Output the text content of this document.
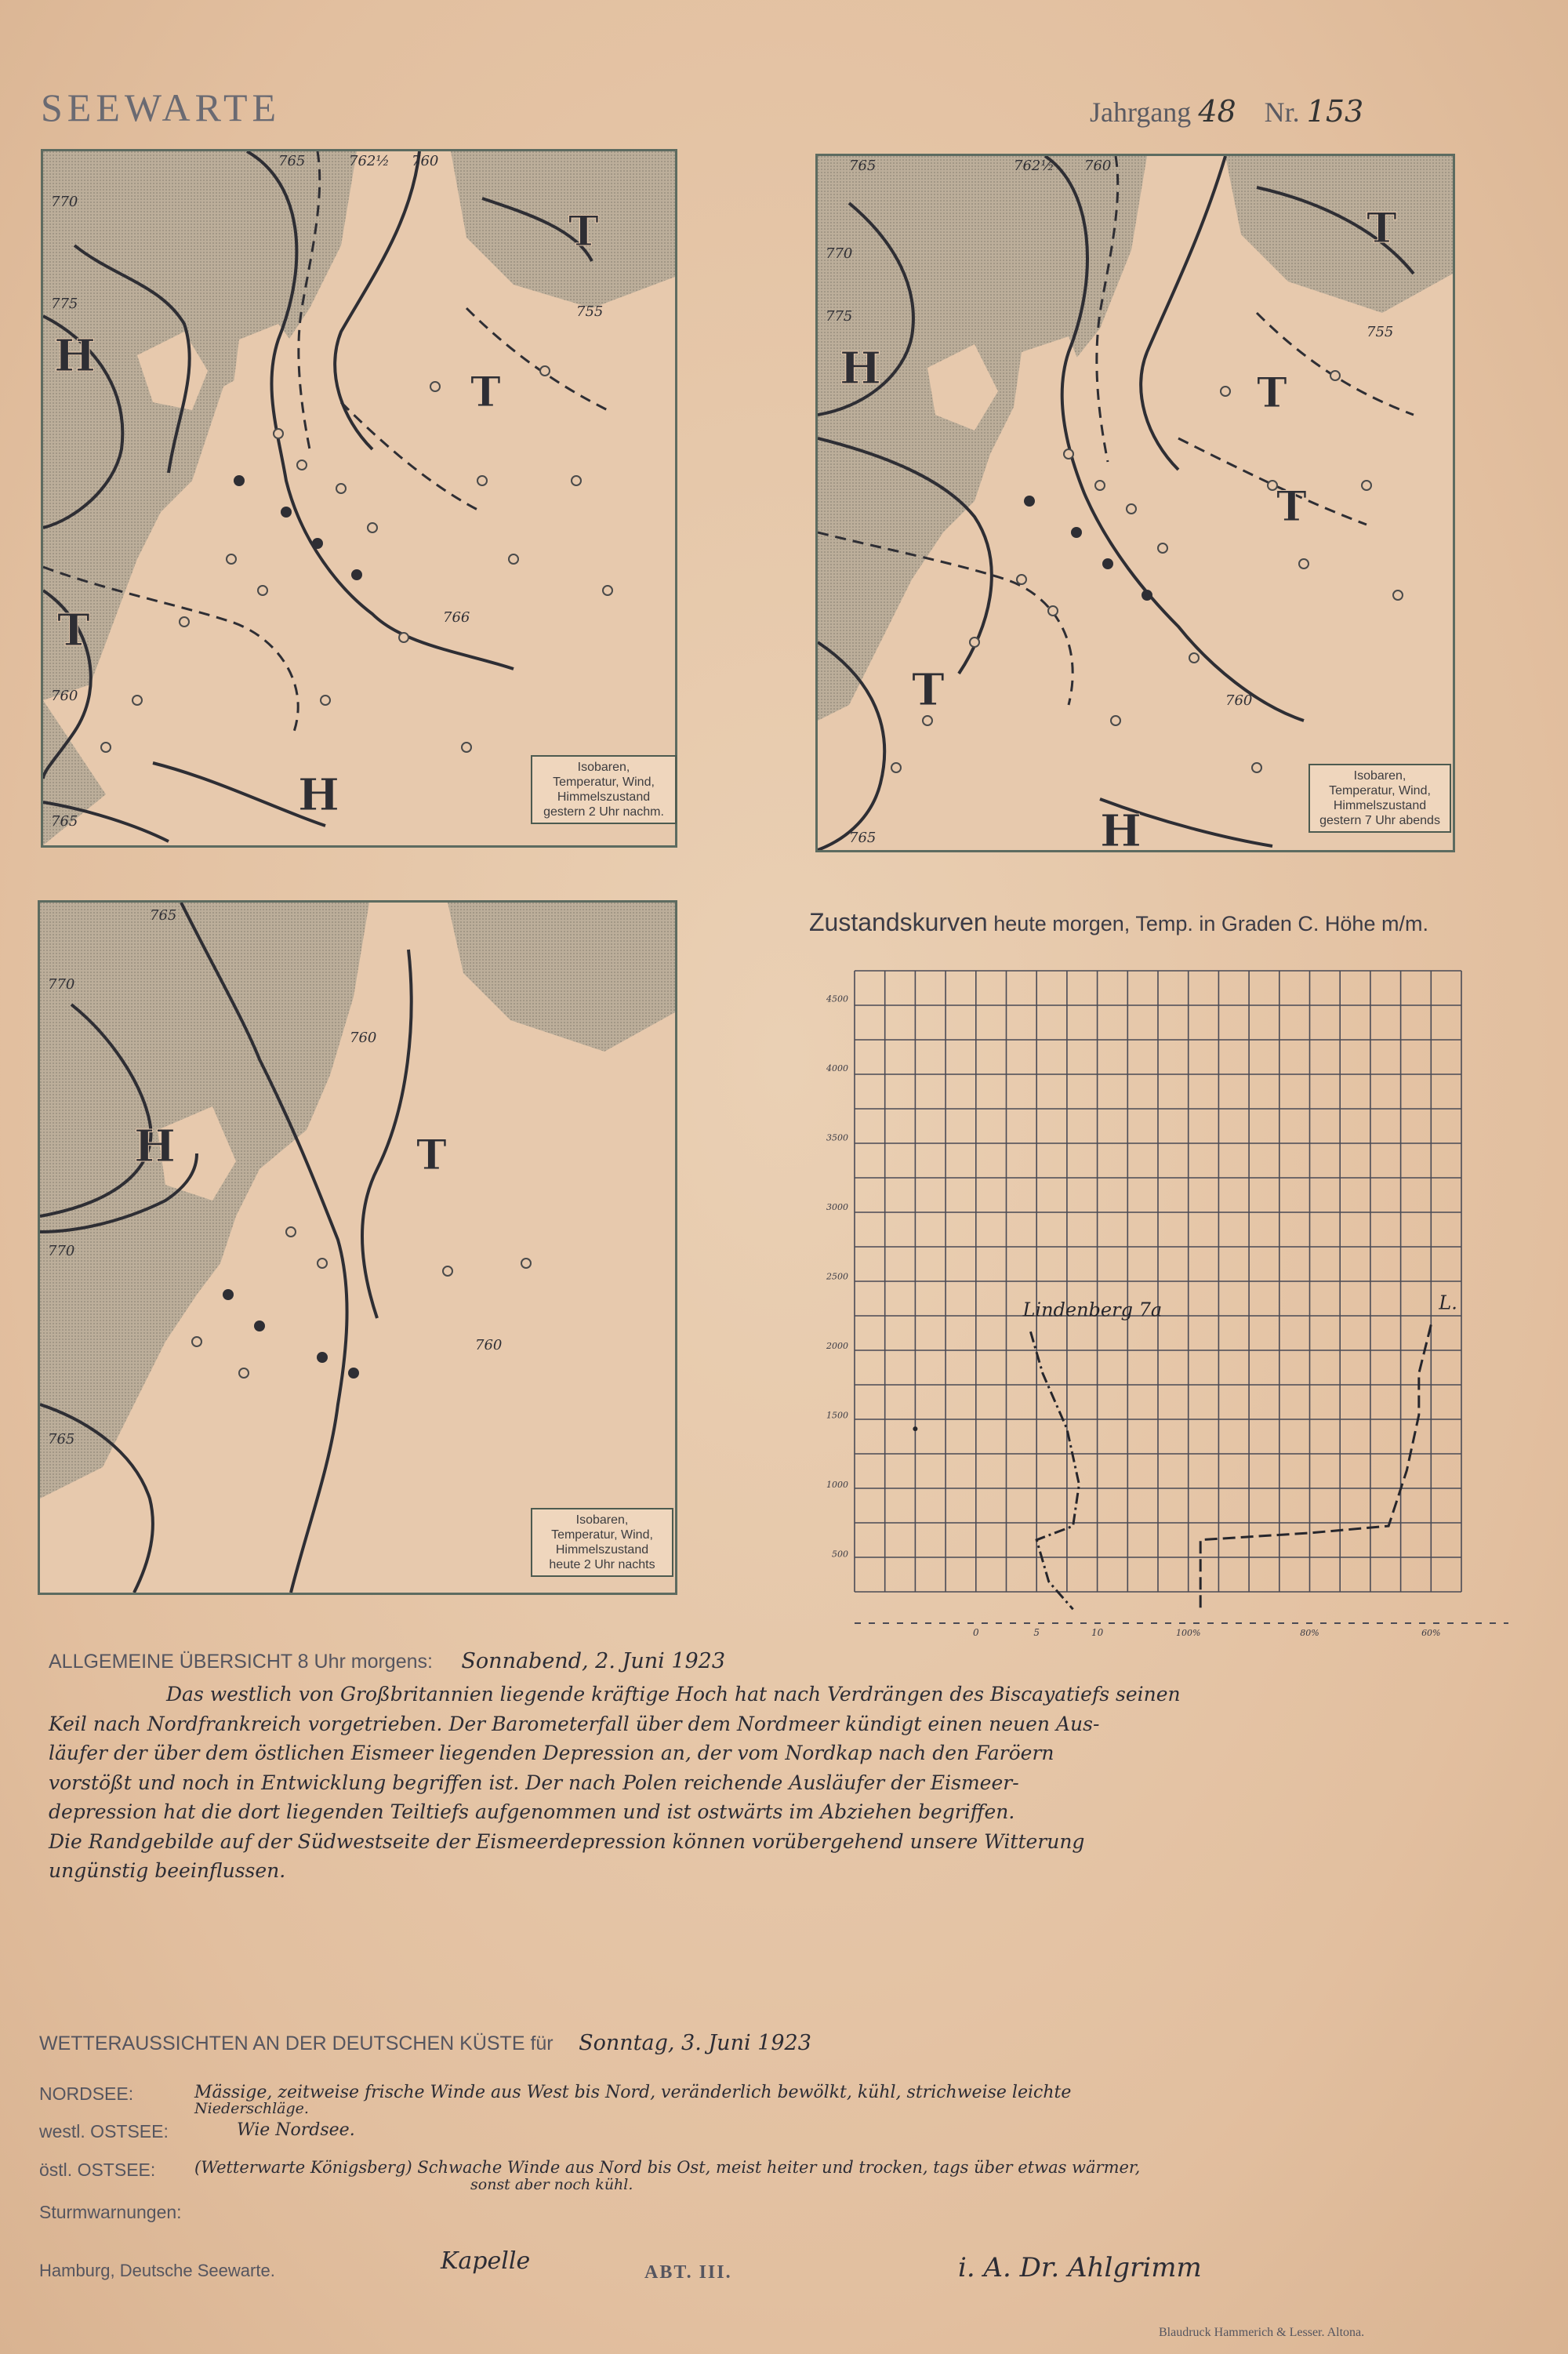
SEEWARTE	Jahrgang 48 Nr. 153
H
T
T
T
H
765	762½ 760
755
770
775
760
766
765
Isobaren,
Temperatur, Wind,
Himmelszustand
gestern 2 Uhr nachm.
H
T
T
T
T
H
765	762½ 760
755
770
775
760
765
Isobaren,
Temperatur, Wind,
Himmelszustand
gestern 7 Uhr abends
H	T
765
770
760
770
765
760
Isobaren,
Temperatur, Wind,
Himmelszustand
heute 2 Uhr nachts
Zustandskurven heute morgen, Temp. in Graden C. Höhe m/m.
4500
4000
3500
3000
2500
2000
1500
1000
500
0	5	10	100%	80%	60%
Lindenberg 7a	L.
ALLGEMEINE ÜBERSICHT 8 Uhr morgens: Sonnabend, 2. Juni 1923
Das westlich von Großbritannien liegende kräftige Hoch hat nach Verdrängen des Biscayatiefs seinen
Keil nach Nordfrankreich vorgetrieben. Der Barometerfall über dem Nordmeer kündigt einen neuen Aus-
läufer der über dem östlichen Eismeer liegenden Depression an, der vom Nordkap nach den Faröern
vorstößt und noch in Entwicklung begriffen ist. Der nach Polen reichende Ausläufer der Eismeer-
depression hat die dort liegenden Teiltiefs aufgenommen und ist ostwärts im Abziehen begriffen.
Die Randgebilde auf der Südwestseite der Eismeerdepression können vorübergehend unsere Witterung
ungünstig beeinflussen.
WETTERAUSSICHTEN AN DER DEUTSCHEN KÜSTE für Sonntag, 3. Juni 1923
NORDSEE:	Mässige, zeitweise frische Winde aus West bis Nord, veränderlich bewölkt, kühl, strichweise leichte
Niederschläge.
westl. OSTSEE:	Wie Nordsee.
östl. OSTSEE: (Wetterwarte Königsberg) Schwache Winde aus Nord bis Ost, meist heiter und trocken, tags über etwas wärmer,
sonst aber noch kühl.
Sturmwarnungen:
Hamburg, Deutsche Seewarte.	Kapelle	ABT. III.	i. A. Dr. Ahlgrimm
Blaudruck Hammerich & Lesser. Altona.
